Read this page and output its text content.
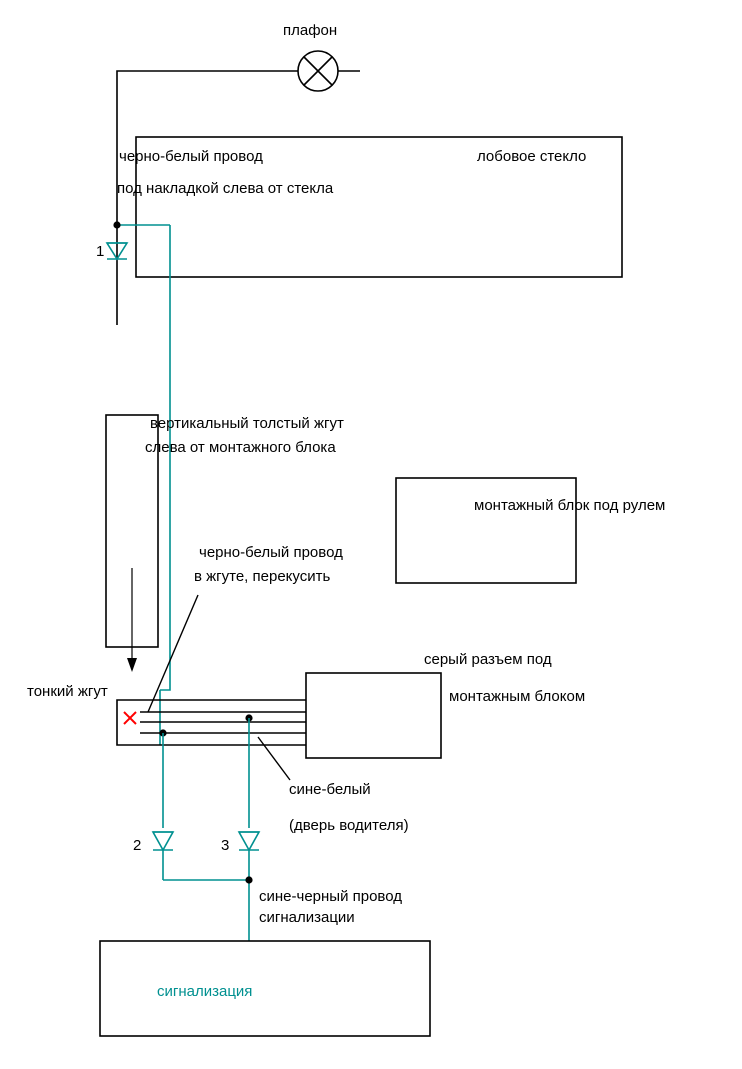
плафон
лобовое стекло
черно-белый провод
под накладкой слева от стекла
1
вертикальный толстый жгут
слева от монтажного блока
монтажный блок под рулем
черно-белый провод
в жгуте, перекусить
серый разъем под
монтажным блоком
тонкий жгут
сине-белый
(дверь водителя)
2	3
сине-черный провод
сигнализации
сигнализация
